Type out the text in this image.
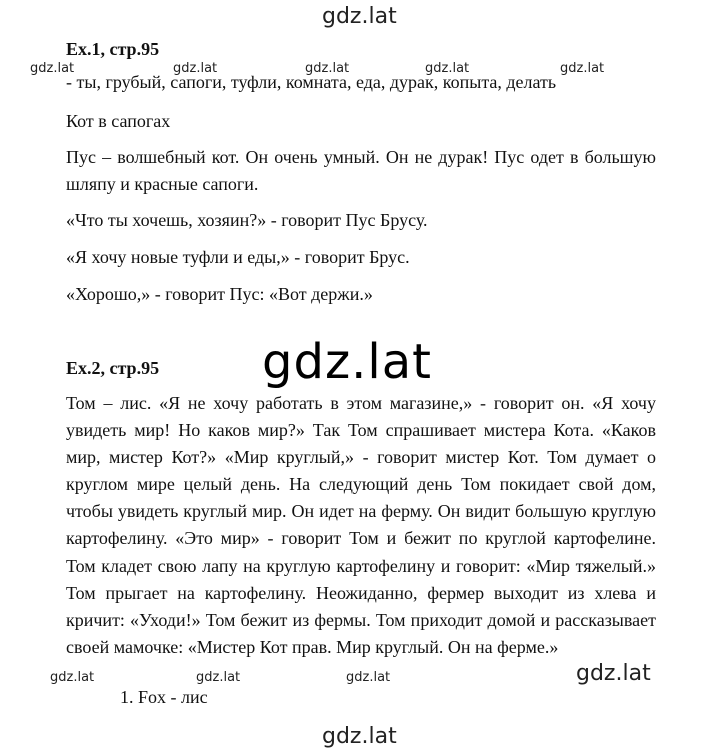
gdz.lat
gdz.lat	gdz.lat	gdz.lat	gdz.lat	gdz.lat
Ex.1, стр.95
- ты, грубый, сапоги, туфли, комната, еда, дурак, копыта, делать
Кот в сапогах

Пус – волшебный кот. Он очень умный. Он не дурак! Пус одет в большую шляпу и красные сапоги.

«Что ты хочешь, хозяин?» - говорит Пус Брусу.
«Я хочу новые туфли и еды,» - говорит Брус.
«Хорошо,» - говорит Пус: «Вот держи.»
gdz.lat
Ex.2, стр.95

Том – лис. «Я не хочу работать в этом магазине,» - говорит он. «Я хочу увидеть мир! Но каков мир?» Так Том спрашивает мистера Кота. «Каков мир, мистер Кот?» «Мир круглый,» - говорит мистер Кот. Том думает о круглом мире целый день. На следующий день Том покидает свой дом, чтобы увидеть круглый мир. Он идет на ферму. Он видит большую круглую картофелину. «Это мир» - говорит Том и бежит по круглой картофелине. Том кладет свою лапу на круглую картофелину и говорит: «Мир тяжелый.» Том прыгает на картофелину. Неожиданно, фермер выходит из хлева и кричит: «Уходи!» Том бежит из фермы. Том приходит домой и рассказывает своей мамочке: «Мистер Кот прав. Мир круглый. Он на ферме.»

gdz.lat	gdz.lat	gdz.lat	gdz.lat
1. Fox - лис
gdz.lat
